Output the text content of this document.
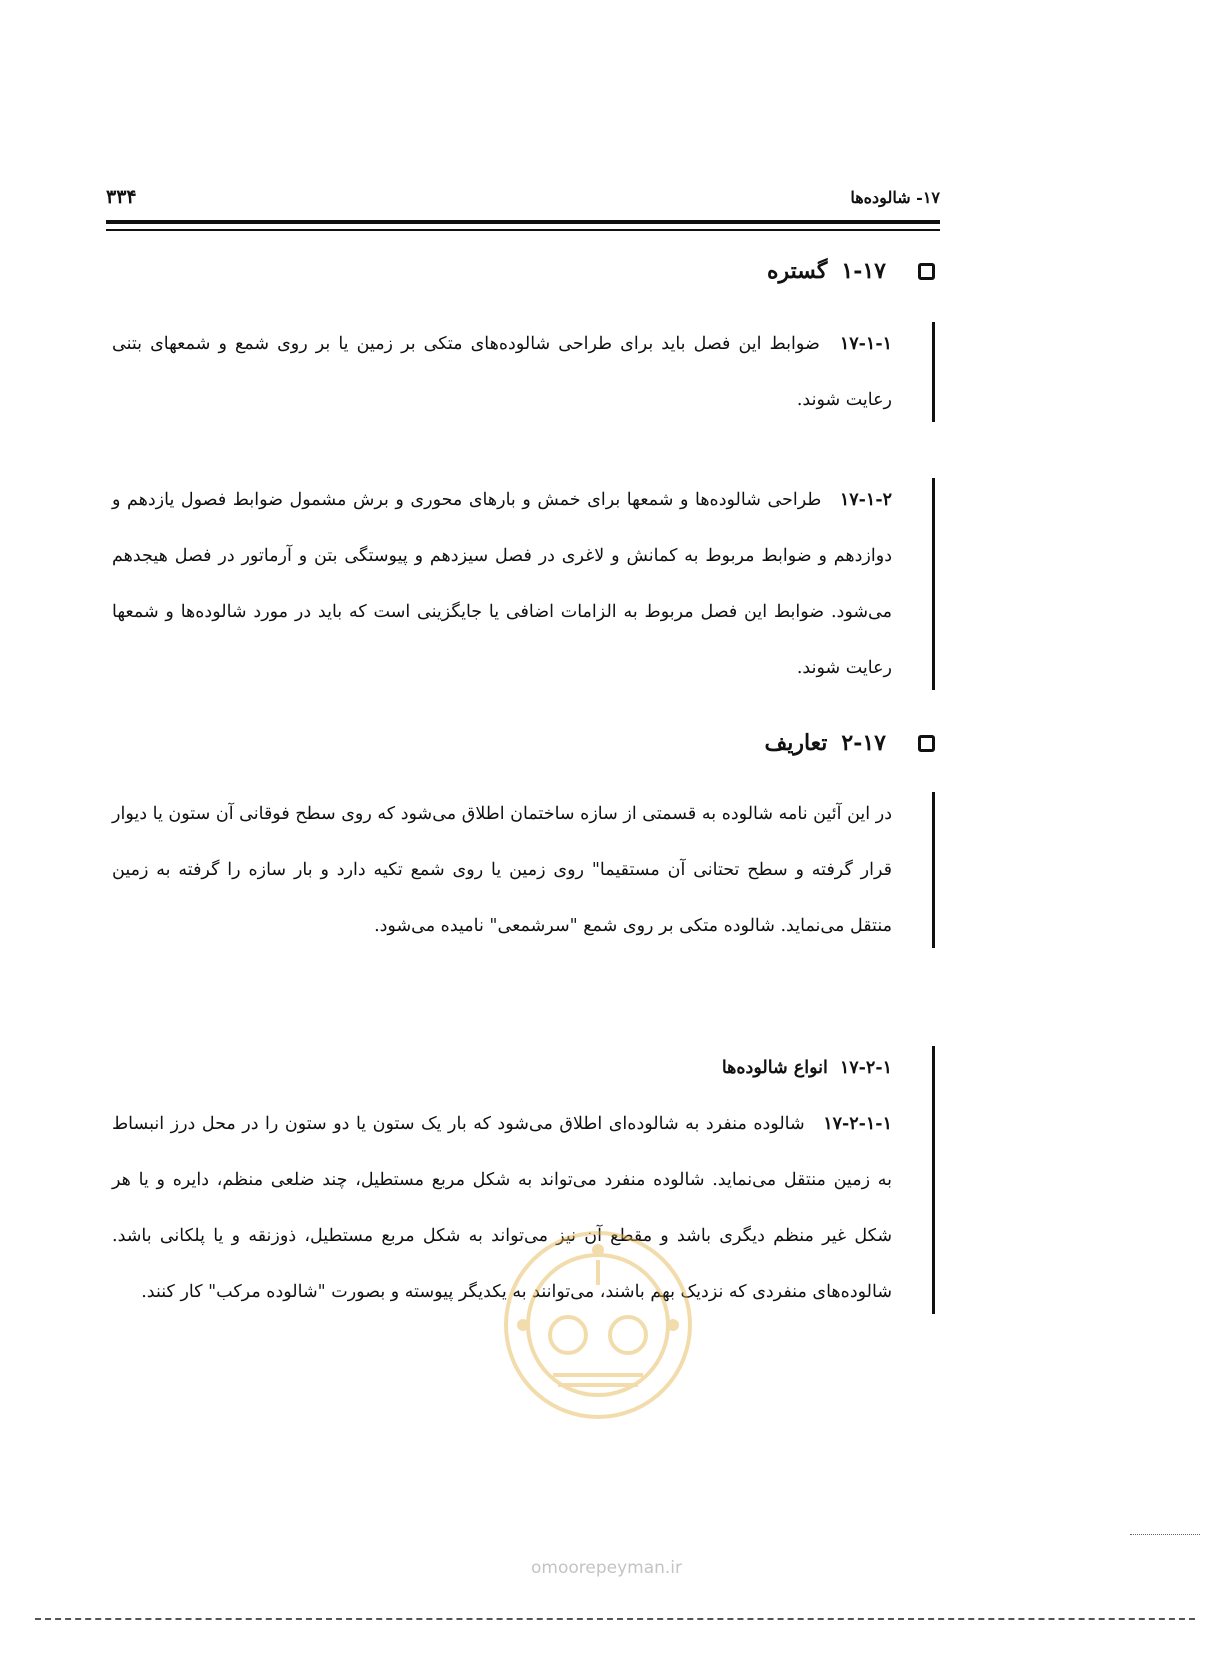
۱۷- شالوده‌ها
۳۳۴
۱-۱۷
گستره
۱۷-۱-۱ ضوابط این فصل باید برای طراحی شالوده‌های متکی بر زمین یا بر روی شمع و شمعهای بتنی رعایت شوند.
۱۷-۱-۲ طراحی شالوده‌ها و شمعها برای خمش و بارهای محوری و برش مشمول ضوابط فصول یازدهم و دوازدهم و ضوابط مربوط به کمانش و لاغری در فصل سیزدهم و پیوستگی بتن و آرماتور در فصل هیجدهم می‌شود. ضوابط این فصل مربوط به الزامات اضافی یا جایگزینی است که باید در مورد شالوده‌ها و شمعها رعایت شوند.
۲-۱۷
تعاریف
در این آئین نامه شالوده به قسمتی از سازه ساختمان اطلاق می‌شود که روی سطح فوقانی آن ستون یا دیوار قرار گرفته و سطح تحتانی آن مستقیما" روی زمین یا روی شمع تکیه دارد و بار سازه را گرفته به زمین منتقل می‌نماید. شالوده متکی بر روی شمع "سرشمعی" نامیده می‌شود.
۱۷-۲-۱انواع شالوده‌ها
۱۷-۲-۱-۱ شالوده منفرد به شالوده‌ای اطلاق می‌شود که بار یک ستون یا دو ستون را در محل درز انبساط به زمین منتقل می‌نماید. شالوده منفرد می‌تواند به شکل مربع مستطیل، چند ضلعی منظم، دایره و یا هر شکل غیر منظم دیگری باشد و مقطع آن نیز می‌تواند به شکل مربع مستطیل، ذوزنقه و یا پلکانی باشد. شالوده‌های منفردی که نزدیک بهم باشند، می‌توانند به یکدیگر پیوسته و بصورت "شالوده مرکب" کار کنند.
omoorepeyman.ir
